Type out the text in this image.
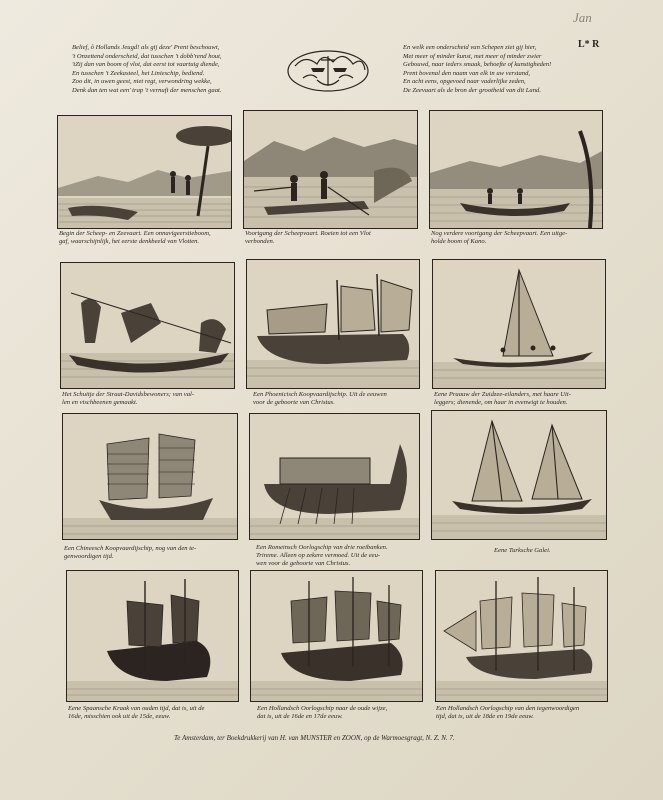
Jan
L* R
Belief, ô Hollands Jeugd! als gij deze' Prent beschouwt,
't Onzettend onderscheid, dat tusschen 't dobb'rend hout,
'tZij dan van boom of vlot, dat eerst tot vaartuig diende,
En tusschen 't Zeekasteel, het Linieschip, bediend.
Zoo dit, in uwen geest, niet regt, verwondring wekke,
Denk dan ten wat een' trap 't vernuft der menschen gaat.
En welk een onderscheid van Schepen ziet gij hier,
Met meer of minder kunst, met meer of minder zwier
Gebouwd, naar ieders smaak, behoefte of kunstigheden!
Prent bovenal den naam van elk in uw verstand,
En acht eens, opgevoed naar vaderlijke zeden,
De Zeevaart als de bron der grootheid van dit Land.
Begin der Scheep- en Zeevaart. Een onnavigeerstieboom,
gaf, waarschijnlijk, het eerste denkbeeld van Vlotten.
Voortgang der Scheepvaart. Roeien tot een Vlot
verbonden.
Nog verdere voortgang der Scheepvaart. Een uitge-
holde boom of Kano.
Het Schuitje der Straat-Davidsbewoners; van val-
len en vischbeenen gemaakt.
Een Phoenicisch Koopvaardijschip. Uit de eeuwen
voor de geboorte van Christus.
Eene Praauw der Zuidzee-eilanders, met haare Uit-
leggers; dienende, om haar in evenwigt te houden.
Een Chineesch Koopvaardijschip, nog van den te-
genwoordigen tijd.
Een Romeinsch Oorlogschip van drie roeibanken.
Trireme. Alleen op zekere vermoed. Uit de eeu-
wen voor de geboorte van Christus.
Eene Turksche Galei.
Eene Spaansche Kraak van ouden tijd, dat is, uit de
16de, misschien ook uit de 15de, eeuw.
Een Hollandsch Oorlogschip naar de oude wijze,
dat is, uit de 16de en 17de eeuw.
Een Hollandsch Oorlogschip van den tegenwoordigen
tijd, dat is, uit de 18de en 19de eeuw.
Te Amsterdam, ter Boekdrukkerij van H. van MUNSTER en ZOON, op de Warmoesgragt, N. Z. N. 7.
